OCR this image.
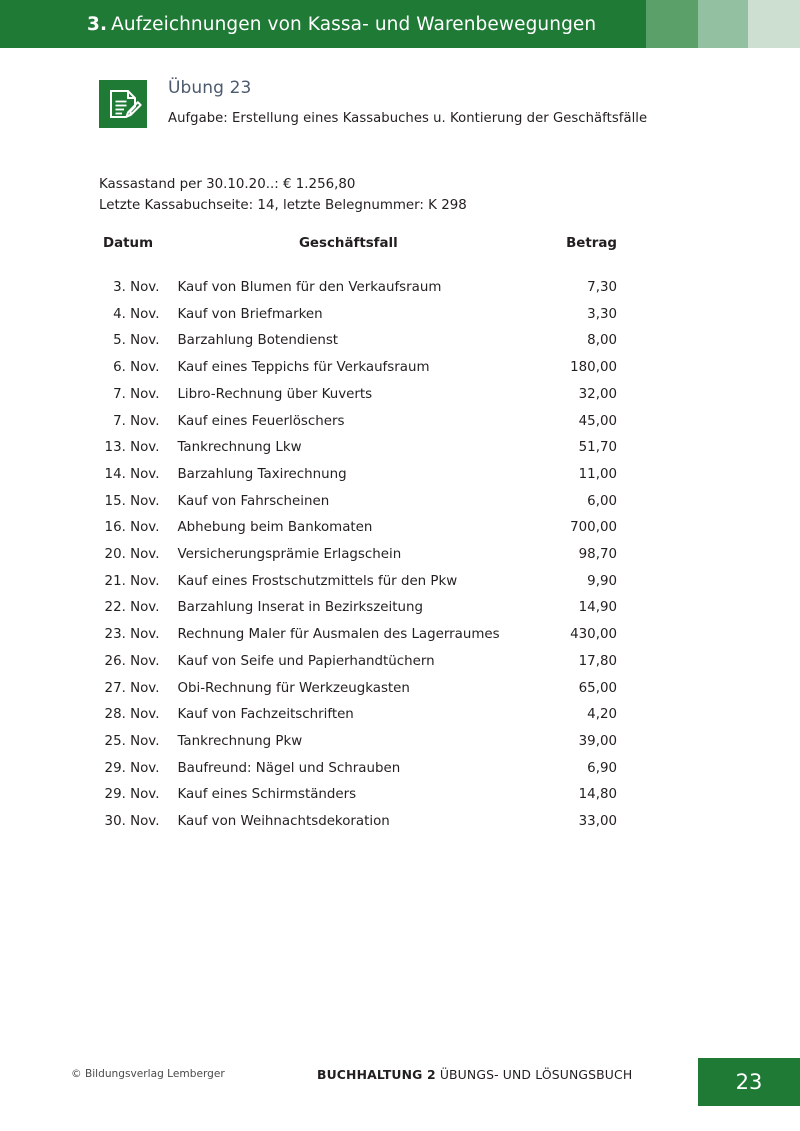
3. Aufzeichnungen von Kassa- und Warenbewegungen
Übung 23
Aufgabe: Erstellung eines Kassabuches u. Kontierung der Geschäftsfälle
Kassastand per 30.10.20..: € 1.256,80
Letzte Kassabuchseite: 14, letzte Belegnummer: K 298
Datum	Geschäftsfall	Betrag

3. Nov.	Kauf von Blumen für den Verkaufsraum	7,30
4. Nov.	Kauf von Briefmarken	3,30
5. Nov.	Barzahlung Botendienst	8,00
6. Nov.	Kauf eines Teppichs für Verkaufsraum	180,00
7. Nov.	Libro-Rechnung über Kuverts	32,00
7. Nov.	Kauf eines Feuerlöschers	45,00
13. Nov.	Tankrechnung Lkw	51,70
14. Nov.	Barzahlung Taxirechnung	11,00
15. Nov.	Kauf von Fahrscheinen	6,00
16. Nov.	Abhebung beim Bankomaten	700,00
20. Nov.	Versicherungsprämie Erlagschein	98,70
21. Nov.	Kauf eines Frostschutzmittels für den Pkw	9,90
22. Nov.	Barzahlung Inserat in Bezirkszeitung	14,90
23. Nov.	Rechnung Maler für Ausmalen des Lagerraumes	430,00
26. Nov.	Kauf von Seife und Papierhandtüchern	17,80
27. Nov.	Obi-Rechnung für Werkzeugkasten	65,00
28. Nov.	Kauf von Fachzeitschriften	4,20
25. Nov.	Tankrechnung Pkw	39,00
29. Nov.	Baufreund: Nägel und Schrauben	6,90
29. Nov.	Kauf eines Schirmständers	14,80
30. Nov.	Kauf von Weihnachtsdekoration	33,00
© Bildungsverlag Lemberger	BUCHHALTUNG 2 ÜBUNGS- UND LÖSUNGSBUCH	23
